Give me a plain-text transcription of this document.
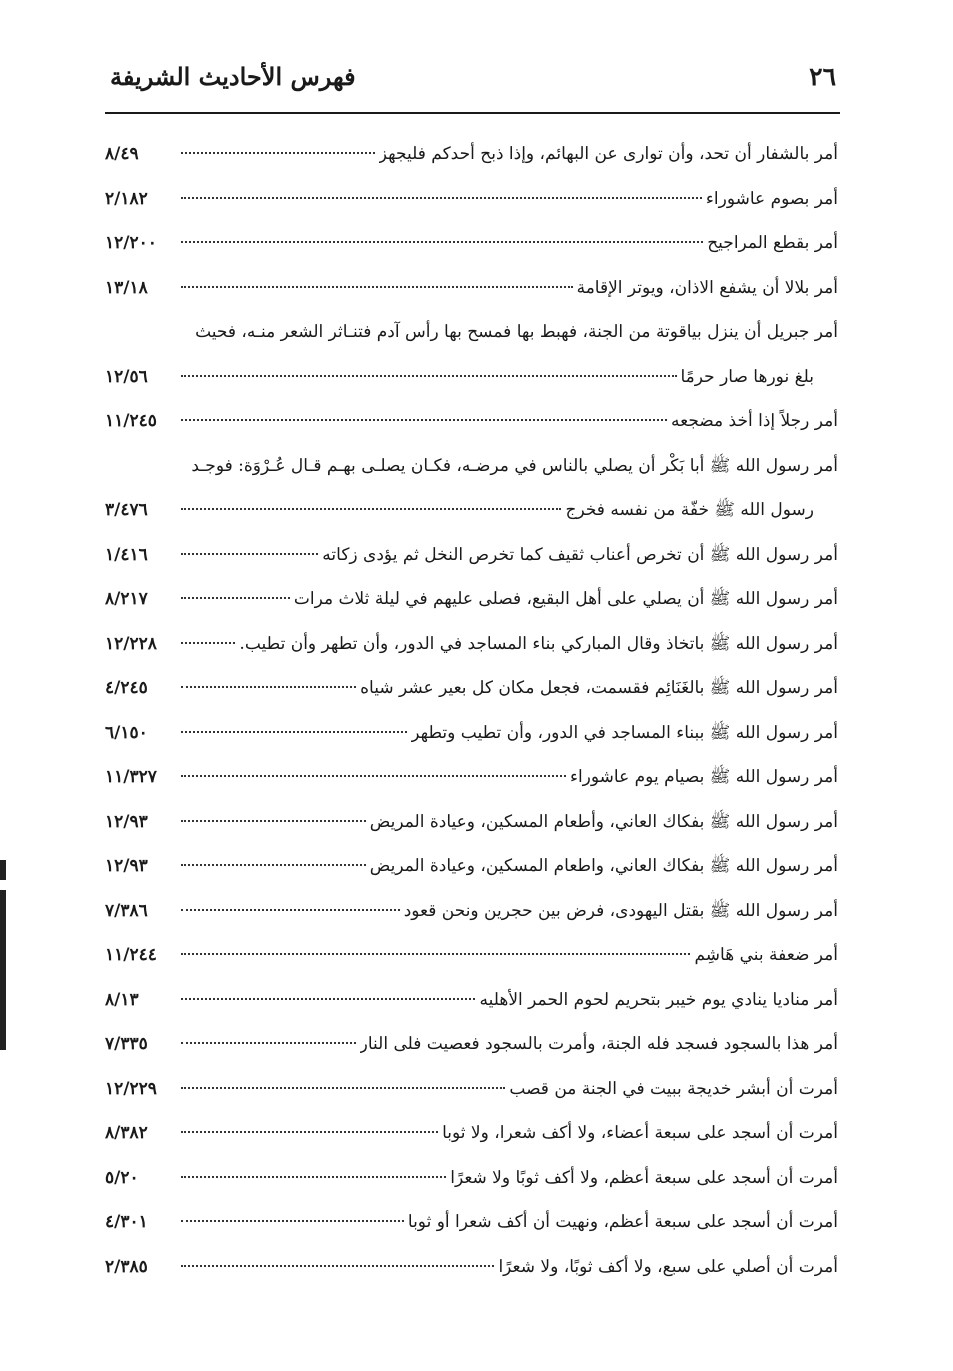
٢٦
فهرس الأحاديث الشريفة
أمر بالشفار أن تحد، وأن توارى عن البهائم، وإذا ذبح أحدكم فليجهز
٨/٤٩
أمر بصوم عاشوراء
٢/١٨٢
أمر بقطع المراجيح
١٢/٢٠٠
أمر بلالا أن يشفع الاذان، ويوتر الإقامة
١٣/١٨
أمر جبريل أن ينزل بياقوتة من الجنة، فهبط بها فمسح بها رأس آدم فتنـاثر الشعر منـه، فحيث
بلغ نورها صار حرمًا
١٢/٥٦
أمر رجلاً إذا أخذ مضجعه
١١/٢٤٥
أمر رسول الله ﷺ أبا بَكْر أن يصلي بالناس في مرضـه، فكـان يصلـى بهـم قـال عُـرْوَة: فوجـد
رسول الله ﷺ خفّة من نفسه فخرج
٣/٤٧٦
أمر رسول الله ﷺ أن تخرص أعناب ثقيف كما تخرص النخل ثم يؤدى زكاته
١/٤١٦
أمر رسول الله ﷺ أن يصلي على أهل البقيع، فصلى عليهم في ليلة ثلاث مرات
٨/٢١٧
أمر رسول الله ﷺ باتخاذ وقال المباركي بناء المساجد في الدور، وأن تطهر وأن تطيب.
١٢/٢٢٨
أمر رسول الله ﷺ بالغَنَائِم فقسمت، فجعل مكان كل بعير عشر شياه
٤/٢٤٥
أمر رسول الله ﷺ ببناء المساجد في الدور، وأن تطيب وتطهر
٦/١٥٠
أمر رسول الله ﷺ بصيام يوم عاشوراء
١١/٣٢٧
أمر رسول الله ﷺ بفكاك العاني، وأطعام المسكين، وعيادة المريض
١٢/٩٣
أمر رسول الله ﷺ بفكاك العاني، واطعام المسكين، وعيادة المريض
١٢/٩٣
أمر رسول الله ﷺ بقتل اليهودى، فرض بين حجرين ونحن قعود
٧/٣٨٦
أمر ضعفة بني هَاشِم
١١/٢٤٤
أمر مناديا ينادي يوم خيبر بتحريم لحوم الحمر الأهليه
٨/١٣
أمر هذا بالسجود فسجد فله الجنة، وأمرت بالسجود فعصيت فلى النار
٧/٣٣٥
أمرت أن أبشر خديجة ببيت في الجنة من قصب
١٢/٢٢٩
أمرت أن أسجد على سبعة أعضاء، ولا أكف شعرا، ولا ثوبا
٨/٣٨٢
أمرت أن أسجد على سبعة أعظم، ولا أكف ثوبًا ولا شعرًا
٥/٢٠
أمرت أن أسجد على سبعة أعظم، ونهيت أن أكف شعرا أو ثوبا
٤/٣٠١
أمرت أن أصلي على سبع، ولا أكف ثوبًا، ولا شعرًا
٢/٣٨٥
